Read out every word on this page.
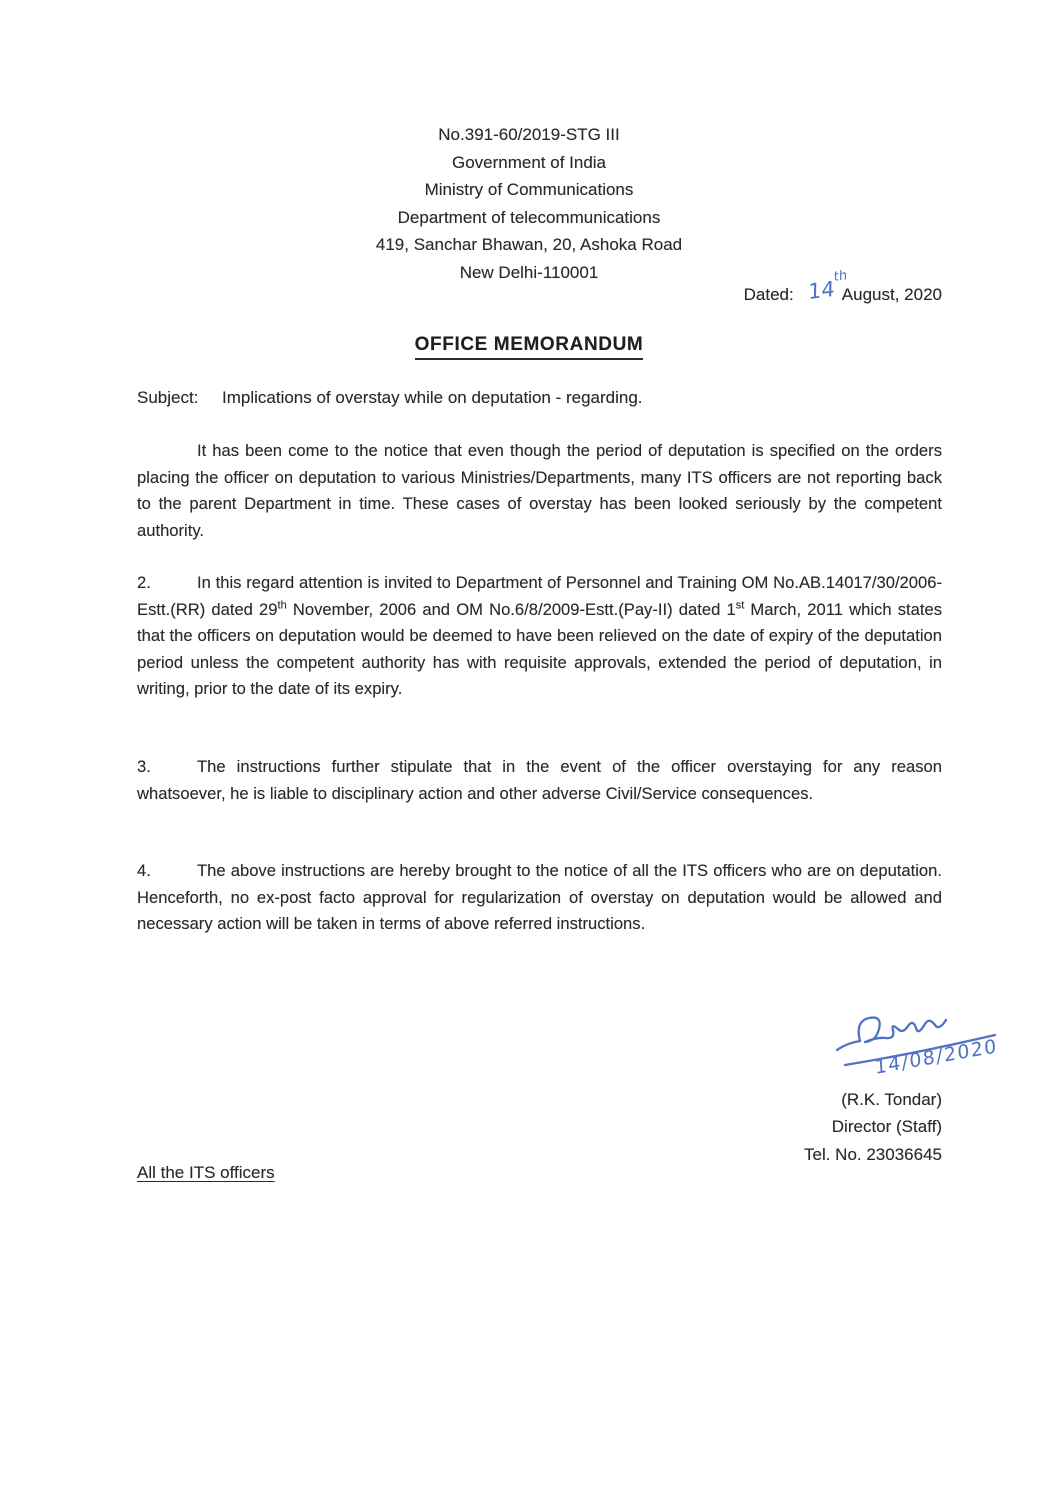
No.391-60/2019-STG III
Government of India
Ministry of Communications
Department of telecommunications
419, Sanchar Bhawan, 20, Ashoka Road
New Delhi-110001
Dated: 14thAugust, 2020
OFFICE MEMORANDUM
Subject: Implications of overstay while on deputation - regarding.

It has been come to the notice that even though the period of deputation is specified on the orders placing the officer on deputation to various Ministries/Departments, many ITS officers are not reporting back to the parent Department in time. These cases of overstay has been looked seriously by the competent authority.

2.	In this regard attention is invited to Department of Personnel and Training OM No.AB.14017/30/2006-Estt.(RR) dated 29th November, 2006 and OM No.6/8/2009-Estt.(Pay-II) dated 1st March, 2011 which states that the officers on deputation would be deemed to have been relieved on the date of expiry of the deputation period unless the competent authority has with requisite approvals, extended the period of deputation, in writing, prior to the date of its expiry.

3.	The instructions further stipulate that in the event of the officer overstaying for any reason whatsoever, he is liable to disciplinary action and other adverse Civil/Service consequences.

4.	The above instructions are hereby brought to the notice of all the ITS officers who are on deputation. Henceforth, no ex-post facto approval for regularization of overstay on deputation would be allowed and necessary action will be taken in terms of above referred instructions.

14/08/2020
(R.K. Tondar)
Director (Staff)
Tel. No. 23036645
All the ITS officers
